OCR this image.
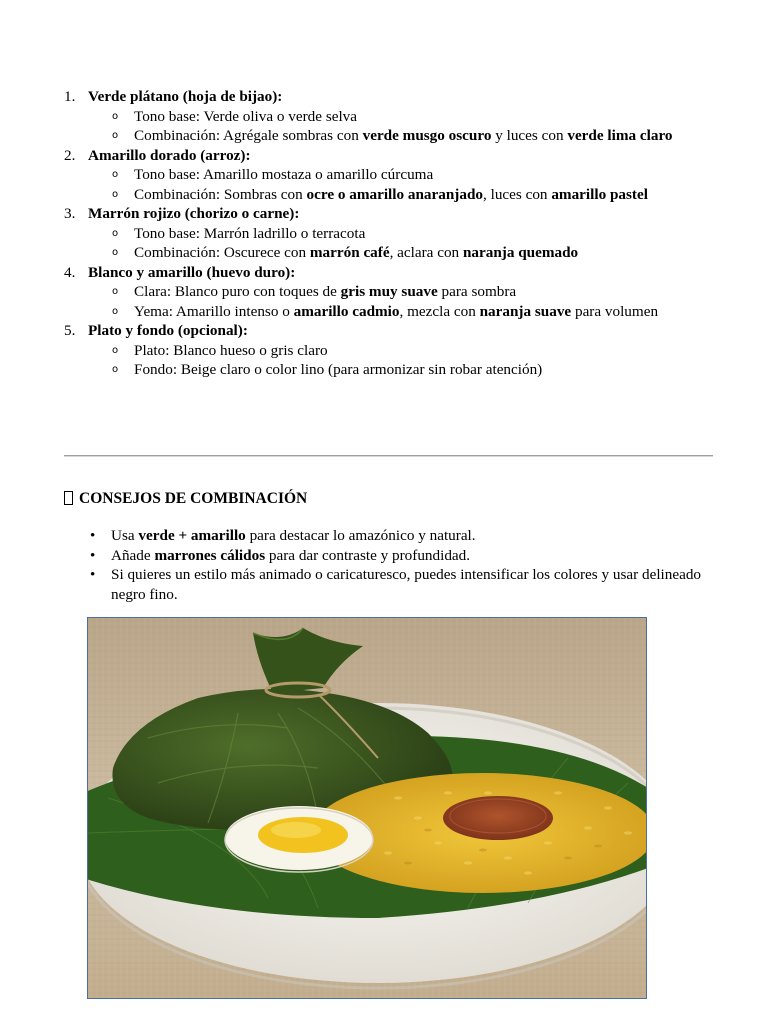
1. Verde plátano (hoja de bijao):
o Tono base: Verde oliva o verde selva
o Combinación: Agrégale sombras con verde musgo oscuro y luces con verde lima claro
2. Amarillo dorado (arroz):
o Tono base: Amarillo mostaza o amarillo cúrcuma
o Combinación: Sombras con ocre o amarillo anaranjado, luces con amarillo pastel
3. Marrón rojizo (chorizo o carne):
o Tono base: Marrón ladrillo o terracota
o Combinación: Oscurece con marrón café, aclara con naranja quemado
4. Blanco y amarillo (huevo duro):
o Clara: Blanco puro con toques de gris muy suave para sombra
o Yema: Amarillo intenso o amarillo cadmio, mezcla con naranja suave para volumen
5. Plato y fondo (opcional):
o Plato: Blanco hueso o gris claro
o Fondo: Beige claro o color lino (para armonizar sin robar atención)
CONSEJOS DE COMBINACIÓN
• Usa verde + amarillo para destacar lo amazónico y natural.
• Añade marrones cálidos para dar contraste y profundidad.
• Si quieres un estilo más animado o caricaturesco, puedes intensificar los colores y usar delineado negro fino.
